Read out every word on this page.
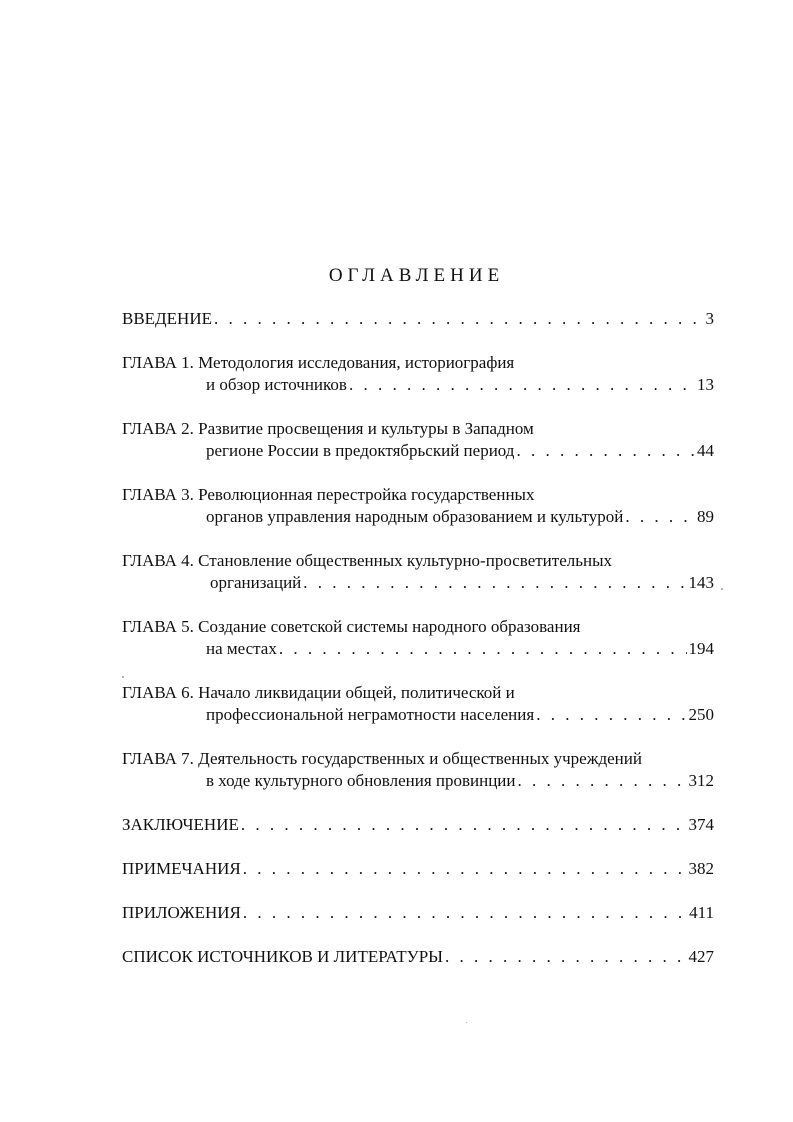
ОГЛАВЛЕНИЕ
ВВЕДЕНИЕ . . .	3
ГЛАВА 1. Методология исследования, историография
и обзор источников . . .	13
ГЛАВА 2. Развитие просвещения и культуры в Западном
регионе России в предоктябрьский период . . .	44
ГЛАВА 3. Революционная перестройка государственных
органов управления народным образованием и культурой . . .	89
ГЛАВА 4. Становление общественных культурно-просветительных
организаций . . .	143
ГЛАВА 5. Создание советской системы народного образования
на местах . . .	194
ГЛАВА 6. Начало ликвидации общей, политической и
профессиональной неграмотности населения . . .	250
ГЛАВА 7. Деятельность государственных и общественных учреждений
в ходе культурного обновления провинции . . .	312
ЗАКЛЮЧЕНИЕ . . .	374
ПРИМЕЧАНИЯ . . .	382
ПРИЛОЖЕНИЯ . . .	411
СПИСОК ИСТОЧНИКОВ И ЛИТЕРАТУРЫ . . .	427
